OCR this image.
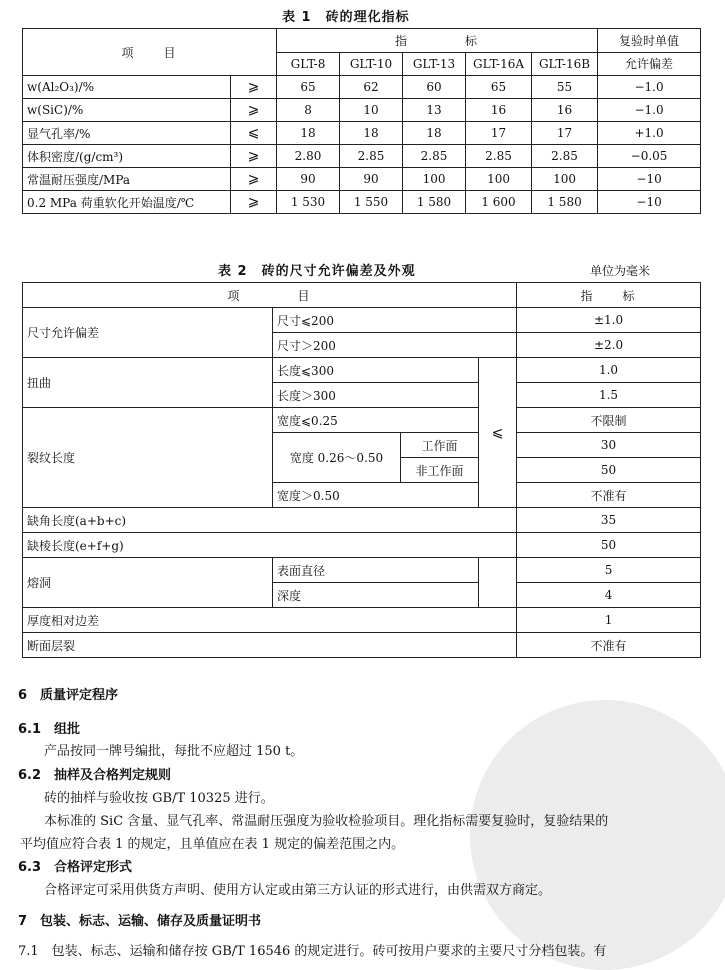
表 1　砖的理化指标
项　　目		指　　　　标					复验时单值
		GLT-8	GLT-10	GLT-13	GLT-16A	GLT-16B	允许偏差
w(Al₂O₃)/%	⩾	65	62	60	65	55	−1.0
w(SiC)/%	⩾	8	10	13	16	16	−1.0
显气孔率/%	⩽	18	18	18	17	17	+1.0
体积密度/(g/cm³)	⩾	2.80	2.85	2.85	2.85	2.85	−0.05
常温耐压强度/MPa	⩾	90	90	100	100	100	−10
0.2 MPa 荷重软化开始温度/℃	⩾	1 530	1 550	1 580	1 600	1 580	−10
表 2　砖的尺寸允许偏差及外观	单位为毫米
项　　　　目				指　　标
尺寸允许偏差	尺寸⩽200			±1.0
	尺寸＞200			±2.0
扭曲	长度⩽300		⩽	1.0
	长度＞300			1.5
裂纹长度	宽度⩽0.25			不限制
	宽度 0.26～0.50	工作面		30
		非工作面		50
	宽度＞0.50			不准有
缺角长度(a+b+c)				35
缺棱长度(e+f+g)				50
熔洞	表面直径			5
	深度			4
厚度相对边差				1
断面层裂				不准有
6　质量评定程序
6.1　组批
产品按同一牌号编批，每批不应超过 150 t。
6.2　抽样及合格判定规则
砖的抽样与验收按 GB/T 10325 进行。
本标准的 SiC 含量、显气孔率、常温耐压强度为验收检验项目。理化指标需要复验时，复验结果的
平均值应符合表 1 的规定，且单值应在表 1 规定的偏差范围之内。
6.3　合格评定形式
合格评定可采用供货方声明、使用方认定或由第三方认证的形式进行，由供需双方商定。
7　包装、标志、运输、储存及质量证明书
7.1　包装、标志、运输和储存按 GB/T 16546 的规定进行。砖可按用户要求的主要尺寸分档包装。有
